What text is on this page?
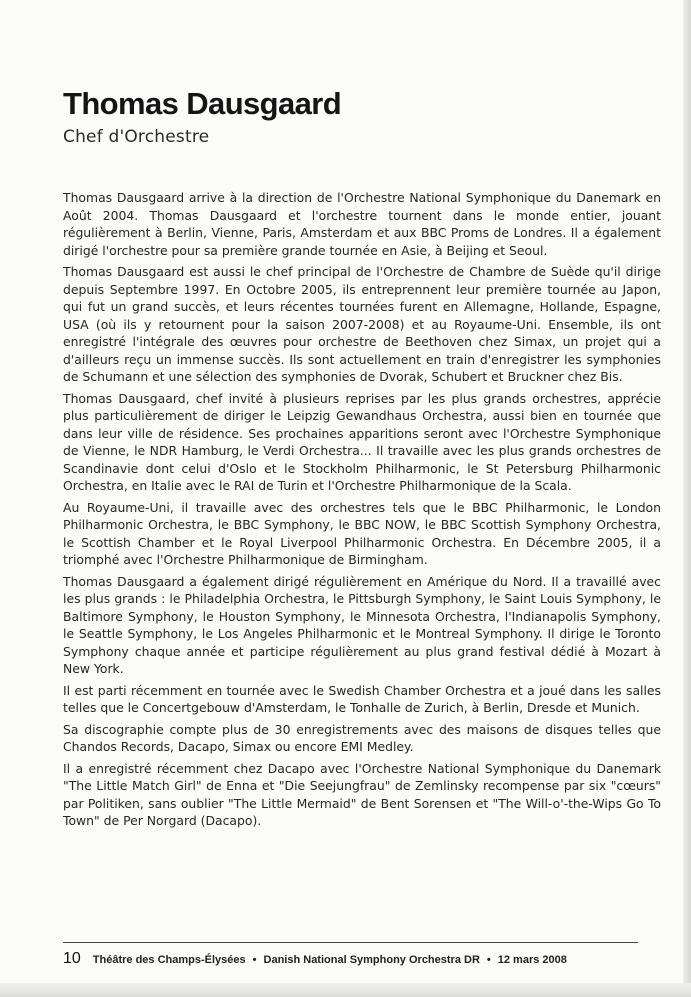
Thomas Dausgaard
Chef d'Orchestre

Thomas Dausgaard arrive à la direction de l'Orchestre National Symphonique du Danemark en Août 2004. Thomas Dausgaard et l'orchestre tournent dans le monde entier, jouant régulièrement à Berlin, Vienne, Paris, Amsterdam et aux BBC Proms de Londres. Il a également dirigé l'orchestre pour sa première grande tournée en Asie, à Beijing et Seoul.

Thomas Dausgaard est aussi le chef principal de l'Orchestre de Chambre de Suède qu'il dirige depuis Septembre 1997. En Octobre 2005, ils entreprennent leur première tournée au Japon, qui fut un grand succès, et leurs récentes tournées furent en Allemagne, Hollande, Espagne, USA (où ils y retournent pour la saison 2007-2008) et au Royaume-Uni. Ensemble, ils ont enregistré l'intégrale des œuvres pour orchestre de Beethoven chez Simax, un projet qui a d'ailleurs reçu un immense succès. Ils sont actuellement en train d'enregistrer les symphonies de Schumann et une sélection des symphonies de Dvorak, Schubert et Bruckner chez Bis.

Thomas Dausgaard, chef invité à plusieurs reprises par les plus grands orchestres, apprécie plus particulièrement de diriger le Leipzig Gewandhaus Orchestra, aussi bien en tournée que dans leur ville de résidence. Ses prochaines apparitions seront avec l'Orchestre Symphonique de Vienne, le NDR Hamburg, le Verdi Orchestra... Il travaille avec les plus grands orchestres de Scandinavie dont celui d'Oslo et le Stockholm Philharmonic, le St Petersburg Philharmonic Orchestra, en Italie avec le RAI de Turin et l'Orchestre Philharmonique de la Scala.

Au Royaume-Uni, il travaille avec des orchestres tels que le BBC Philharmonic, le London Philharmonic Orchestra, le BBC Symphony, le BBC NOW, le BBC Scottish Symphony Orchestra, le Scottish Chamber et le Royal Liverpool Philharmonic Orchestra. En Décembre 2005, il a triomphé avec l'Orchestre Philharmonique de Birmingham.

Thomas Dausgaard a également dirigé régulièrement en Amérique du Nord. Il a travaillé avec les plus grands : le Philadelphia Orchestra, le Pittsburgh Symphony, le Saint Louis Symphony, le Baltimore Symphony, le Houston Symphony, le Minnesota Orchestra, l'Indianapolis Symphony, le Seattle Symphony, le Los Angeles Philharmonic et le Montreal Symphony. Il dirige le Toronto Symphony chaque année et participe régulièrement au plus grand festival dédié à Mozart à New York.

Il est parti récemment en tournée avec le Swedish Chamber Orchestra et a joué dans les salles telles que le Concertgebouw d'Amsterdam, le Tonhalle de Zurich, à Berlin, Dresde et Munich.

Sa discographie compte plus de 30 enregistrements avec des maisons de disques telles que Chandos Records, Dacapo, Simax ou encore EMI Medley.

Il a enregistré récemment chez Dacapo avec l'Orchestre National Symphonique du Danemark "The Little Match Girl" de Enna et "Die Seejungfrau" de Zemlinsky recompense par six "cœurs" par Politiken, sans oublier "The Little Mermaid" de Bent Sorensen et "The Will-o'-the-Wips Go To Town" de Per Norgard (Dacapo).

10 Théâtre des Champs-Élysées • Danish National Symphony Orchestra DR • 12 mars 2008
